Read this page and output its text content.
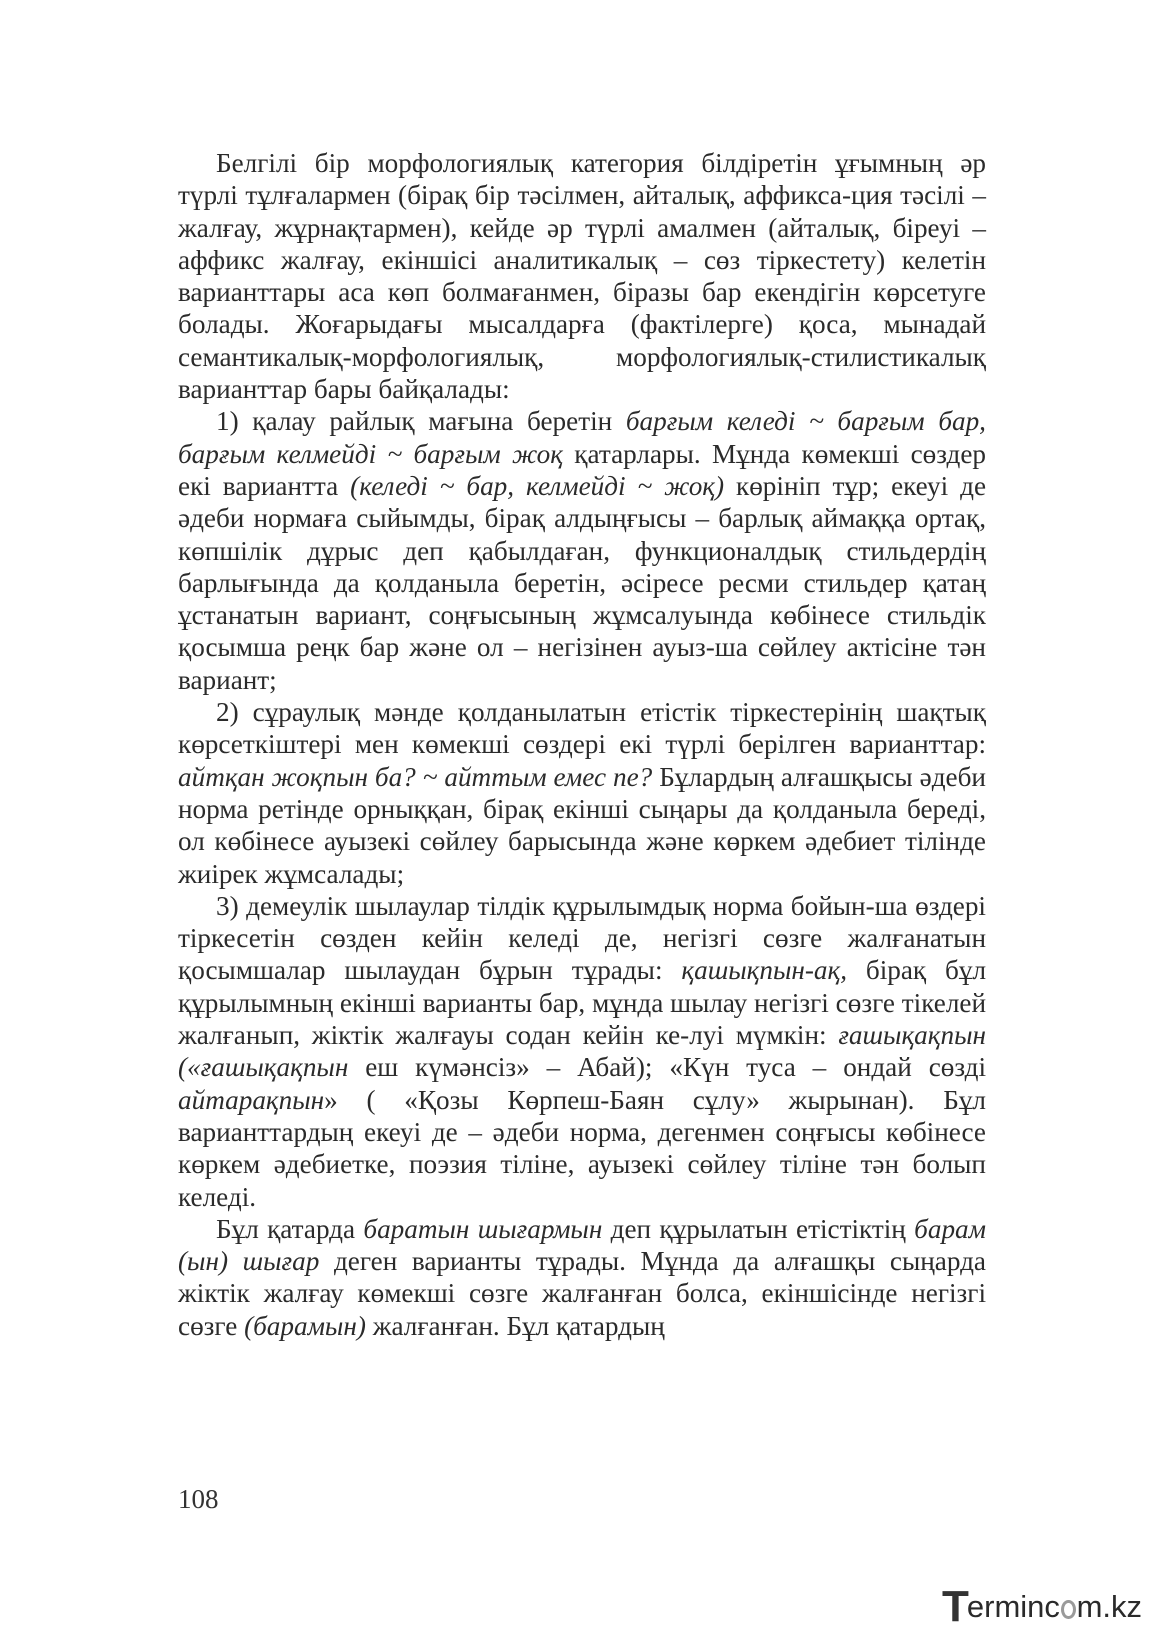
Белгілі бір морфологиялық категория білдіретін ұғымның әр түрлі тұлғалармен (бірақ бір тәсілмен, айталық, аффикса-ция тәсілі – жалғау, жұрнақтармен), кейде әр түрлі амалмен (айталық, біреуі – аффикс жалғау, екіншісі аналитикалық – сөз тіркестету) келетін варианттары аса көп болмағанмен, біразы бар екендігін көрсетуге болады. Жоғарыдағы мысалдарға (фактілерге) қоса, мынадай семантикалық-морфологиялық, морфологиялық-стилистикалық варианттар бары байқалады:

1) қалау райлық мағына беретін барғым келеді ~ барғым бар, барғым келмейді ~ барғым жоқ қатарлары. Мұнда көмекші сөздер екі вариантта (келеді ~ бар, келмейді ~ жоқ) көрініп тұр; екеуі де әдеби нормаға сыйымды, бірақ алдыңғысы – барлық аймаққа ортақ, көпшілік дұрыс деп қабылдаған, функционалдық стильдердің барлығында да қолданыла беретін, әсіресе ресми стильдер қатаң ұстанатын вариант, соңғысының жұмсалуында көбінесе стильдік қосымша реңк бар және ол – негізінен ауыз-ша сөйлеу актісіне тән вариант;

2) сұраулық мәнде қолданылатын етістік тіркестерінің шақтық көрсеткіштері мен көмекші сөздері екі түрлі берілген варианттар: айтқан жоқпын ба? ~ айттым емес пе? Бұлардың алғашқысы әдеби норма ретінде орныққан, бірақ екінші сыңары да қолданыла береді, ол көбінесе ауызекі сөйлеу барысында және көркем әдебиет тілінде жиірек жұмсалады;

3) демеулік шылаулар тілдік құрылымдық норма бойын-ша өздері тіркесетін сөзден кейін келеді де, негізгі сөзге жалғанатын қосымшалар шылаудан бұрын тұрады: қашықпын-ақ, бірақ бұл құрылымның екінші варианты бар, мұнда шылау негізгі сөзге тікелей жалғанып, жіктік жалғауы содан кейін ке-луі мүмкін: ғашықақпын («ғашықақпын еш күмәнсіз» – Абай); «Күн туса – ондай сөзді айтарақпын» ( «Қозы Көрпеш-Баян сұлу» жырынан). Бұл варианттардың екеуі де – әдеби норма, дегенмен соңғысы көбінесе көркем әдебиетке, поэзия тіліне, ауызекі сөйлеу тіліне тән болып келеді.

Бұл қатарда баратын шығармын деп құрылатын етістіктің барам (ын) шығар деген варианты тұрады. Мұнда да алғашқы сыңарда жіктік жалғау көмекші сөзге жалғанған болса, екіншісінде негізгі сөзге (барамын) жалғанған. Бұл қатардың

108
T
erminc m.kz
